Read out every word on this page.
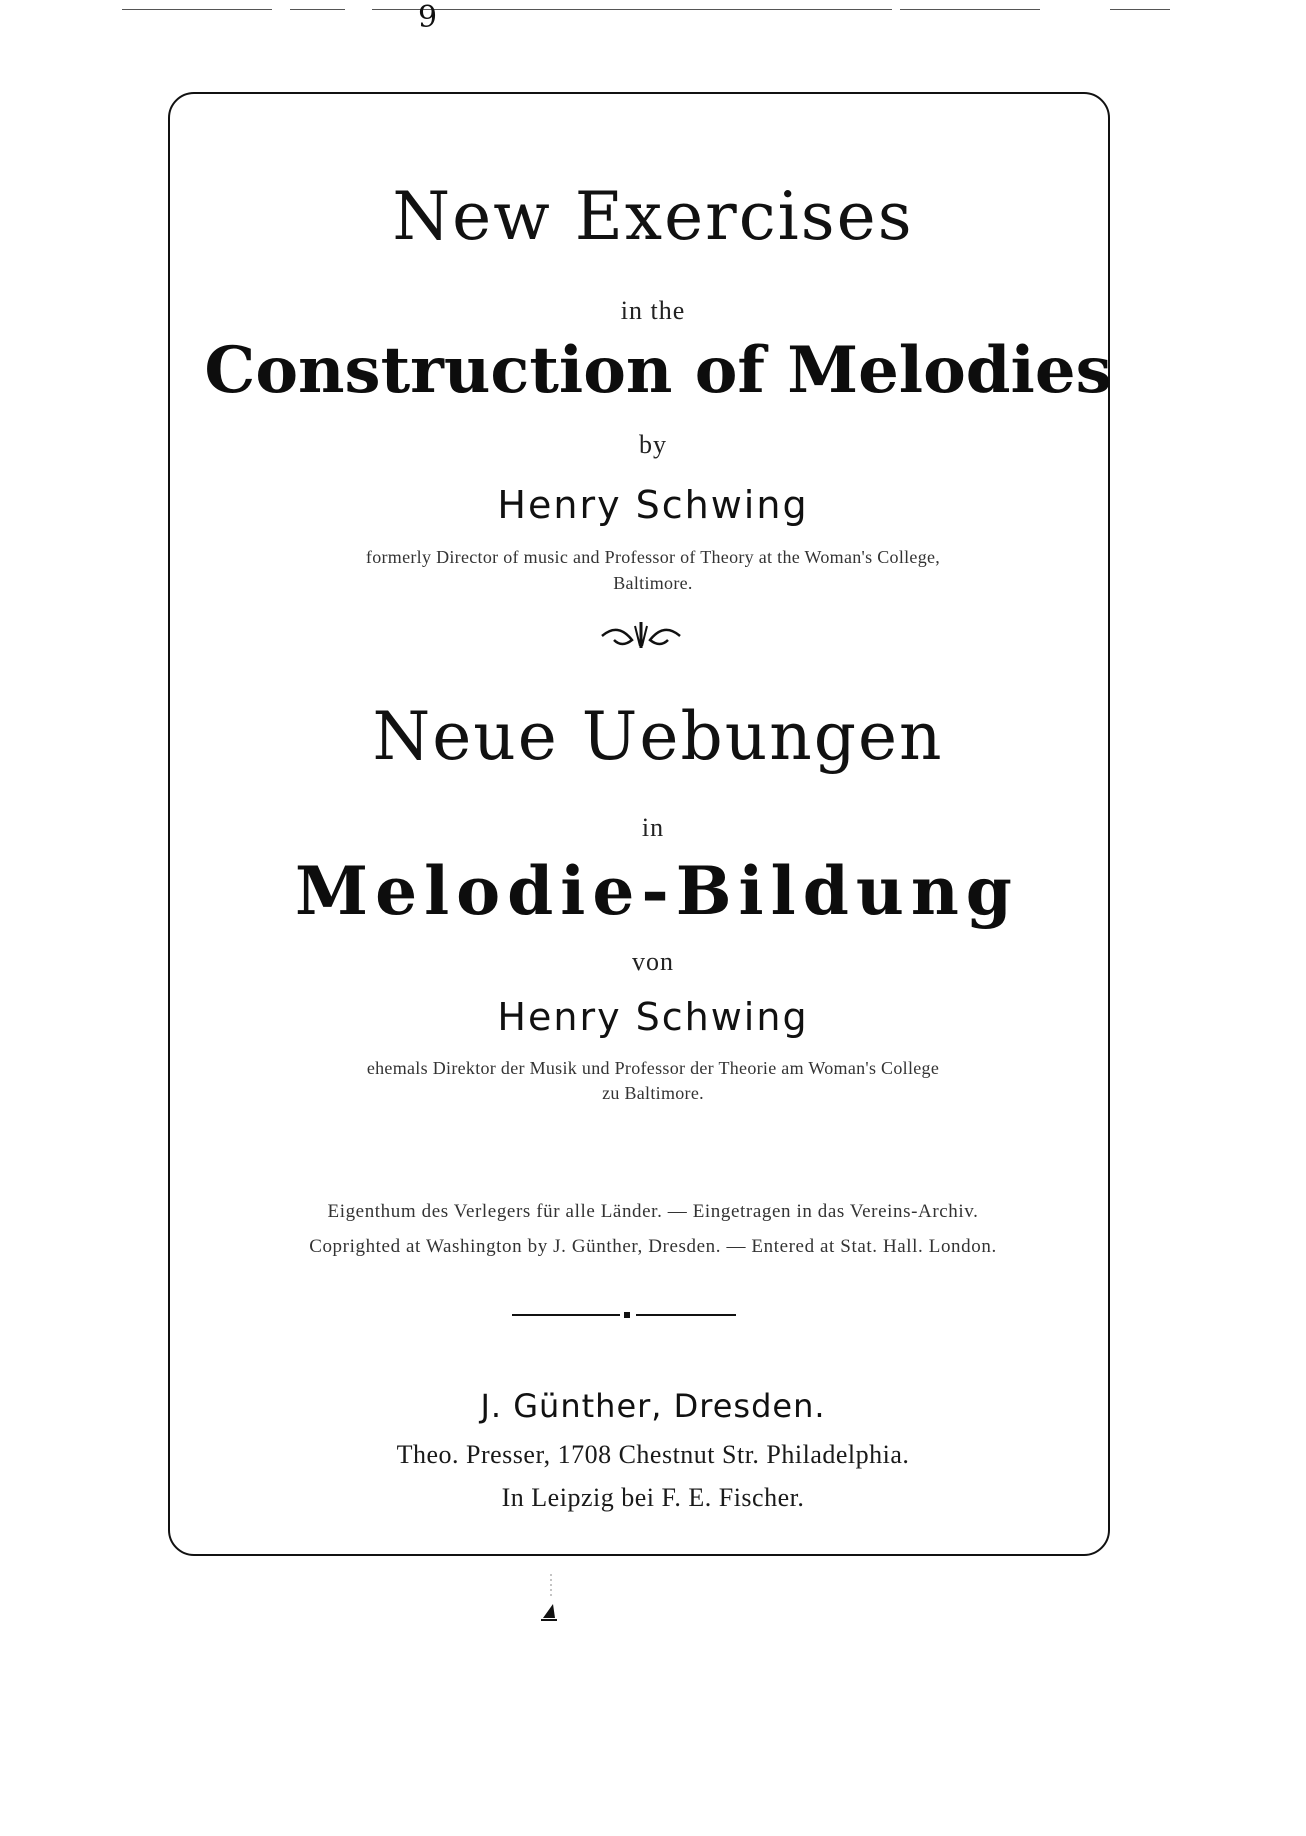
9
New Exercises
in the
Construction of Melodies
by
Henry Schwing
formerly Director of music and Professor of Theory at the Woman's College,
Baltimore.
Neue Uebungen
in
Melodie-Bildung
von
Henry Schwing
ehemals Direktor der Musik und Professor der Theorie am Woman's College
zu Baltimore.
Eigenthum des Verlegers für alle Länder. — Eingetragen in das Vereins-Archiv.
Coprighted at Washington by J. Günther, Dresden. — Entered at Stat. Hall. London.
J. Günther, Dresden.
Theo. Presser, 1708 Chestnut Str. Philadelphia.
In Leipzig bei F. E. Fischer.
